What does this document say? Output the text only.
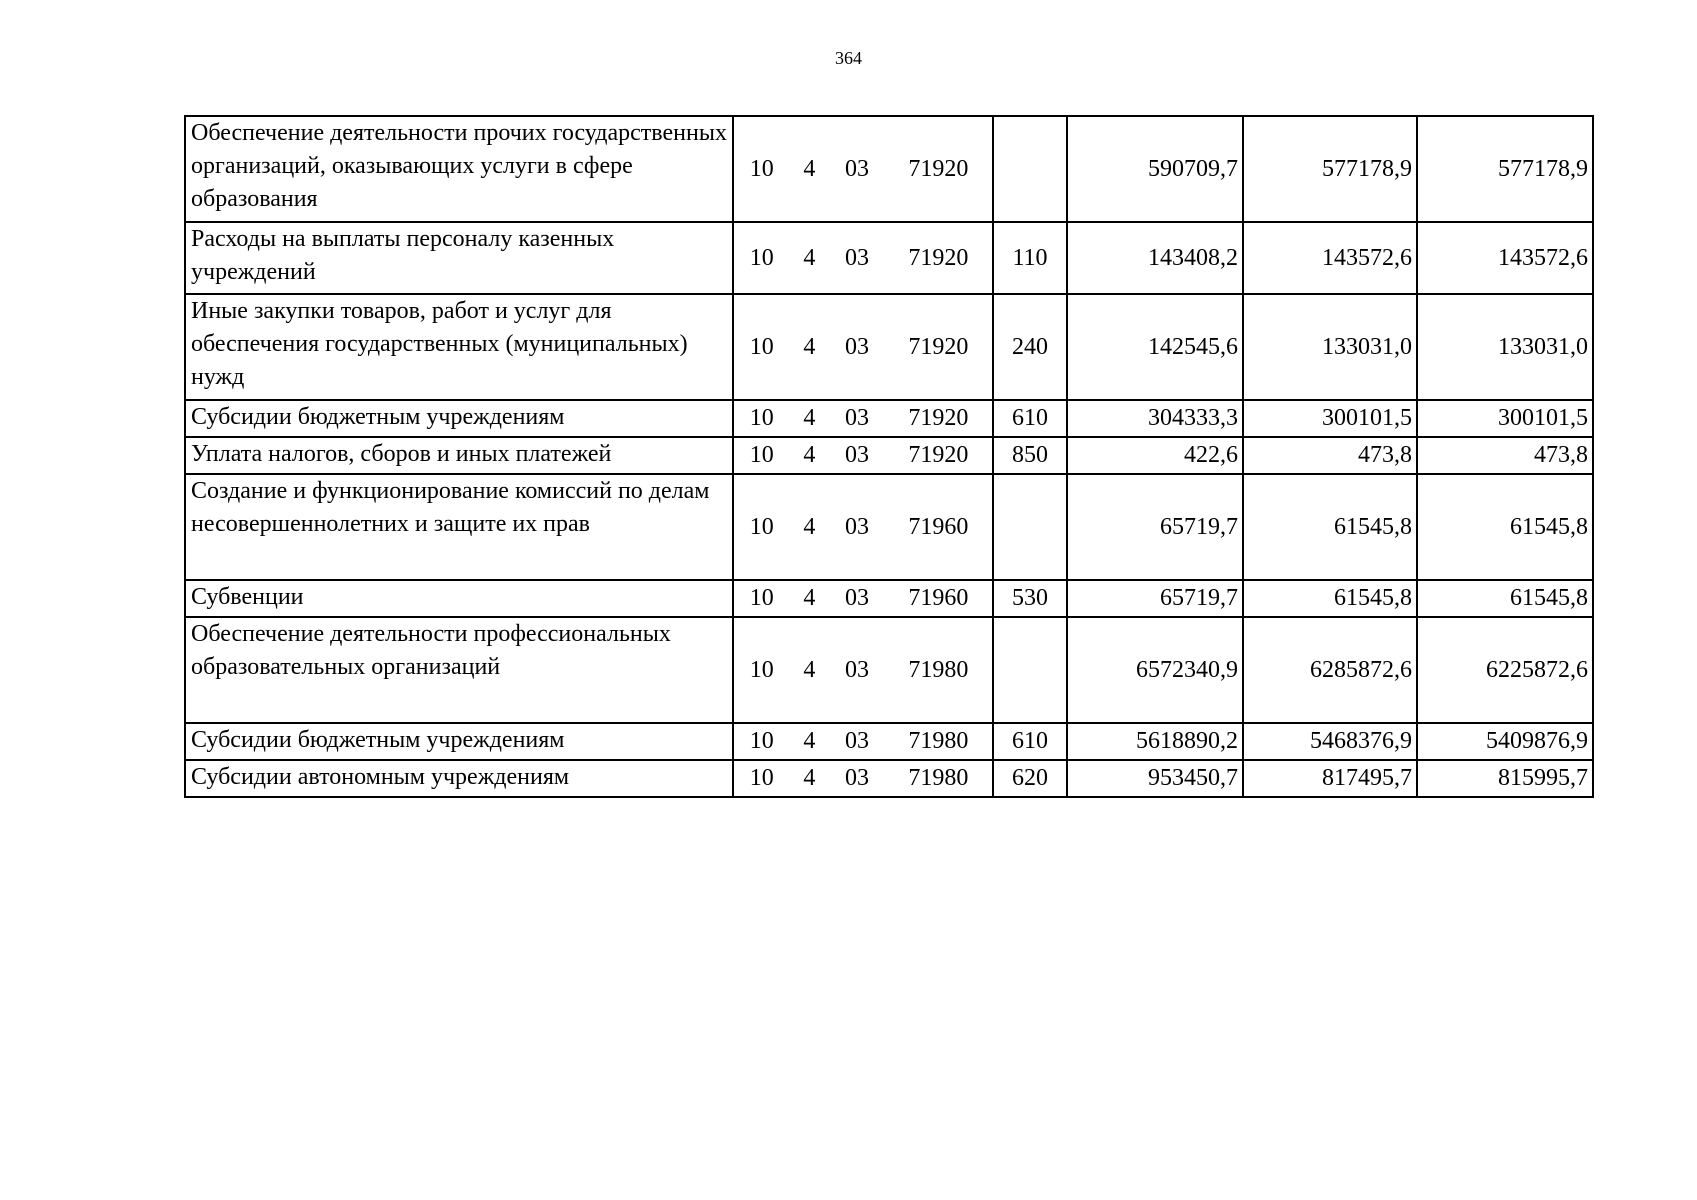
364
Обеспечение деятельности прочих государственных организаций, оказывающих услуги в сфере образования	10 4 03 71920		590709,7	577178,9	577178,9
Расходы на выплаты персоналу казенных учреждений	10 4 03 71920	110	143408,2	143572,6	143572,6
Иные закупки товаров, работ и услуг для обеспечения государственных (муниципальных) нужд	10 4 03 71920	240	142545,6	133031,0	133031,0
Субсидии бюджетным учреждениям	10 4 03 71920	610	304333,3	300101,5	300101,5
Уплата налогов, сборов и иных платежей	10 4 03 71920	850	422,6	473,8	473,8
Создание и функционирование комиссий по делам несовершеннолетних и защите их прав	10 4 03 71960		65719,7	61545,8	61545,8
Субвенции	10 4 03 71960	530	65719,7	61545,8	61545,8
Обеспечение деятельности профессиональных образовательных организаций	10 4 03 71980		6572340,9	6285872,6	6225872,6
Субсидии бюджетным учреждениям	10 4 03 71980	610	5618890,2	5468376,9	5409876,9
Субсидии автономным учреждениям	10 4 03 71980	620	953450,7	817495,7	815995,7
